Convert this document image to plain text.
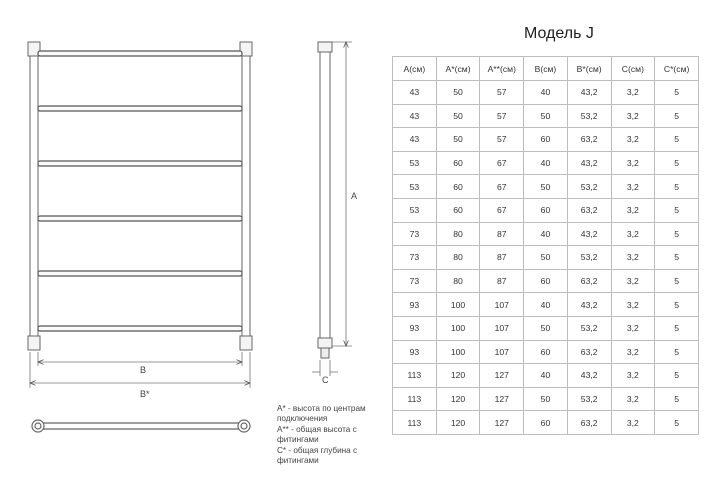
B
B*
A
C
А* - высота по центрам подключения
А** - общая высота с фитингами
С* - общая глубина с фитингами
Модель J
A(см)	A*(см)	A**(см)	B(см)	B*(см)	C(см)	C*(см)
43	50	57	40	43,2	3,2	5
43	50	57	50	53,2	3,2	5
43	50	57	60	63,2	3,2	5
53	60	67	40	43,2	3,2	5
53	60	67	50	53,2	3,2	5
53	60	67	60	63,2	3,2	5
73	80	87	40	43,2	3,2	5
73	80	87	50	53,2	3,2	5
73	80	87	60	63,2	3,2	5
93	100	107	40	43,2	3,2	5
93	100	107	50	53,2	3,2	5
93	100	107	60	63,2	3,2	5
113	120	127	40	43,2	3,2	5
113	120	127	50	53,2	3,2	5
113	120	127	60	63,2	3,2	5
